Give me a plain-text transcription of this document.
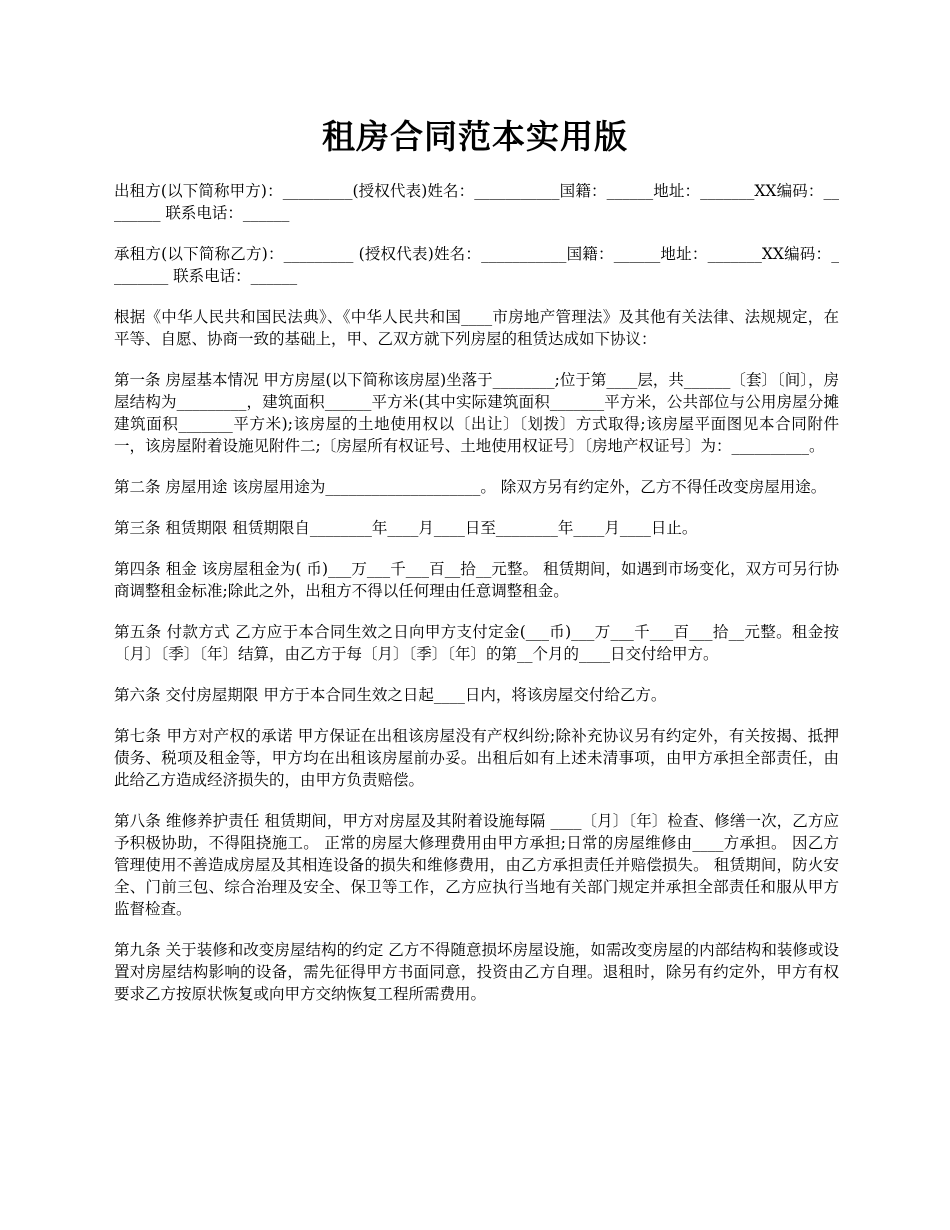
租房合同范本实用版

出租方(以下简称甲方)：_________(授权代表)姓名：___________国籍：______地址：_______XX编码：________ 联系电话：______

承租方(以下简称乙方)：_________ (授权代表)姓名：___________国籍：______地址：_______XX编码：________ 联系电话：______

根据《中华人民共和国民法典》、《中华人民共和国____市房地产管理法》及其他有关法律、法规规定，在平等、自愿、协商一致的基础上，甲、乙双方就下列房屋的租赁达成如下协议：

第一条 房屋基本情况 甲方房屋(以下简称该房屋)坐落于________;位于第____层，共______〔套〕〔间〕，房屋结构为_________，建筑面积______平方米(其中实际建筑面积_______平方米，公共部位与公用房屋分摊建筑面积_______平方米);该房屋的土地使用权以〔出让〕〔划拨〕方式取得;该房屋平面图见本合同附件一，该房屋附着设施见附件二;〔房屋所有权证号、土地使用权证号〕〔房地产权证号〕为：__________。

第二条 房屋用途 该房屋用途为____________________。 除双方另有约定外，乙方不得任改变房屋用途。

第三条 租赁期限 租赁期限自________年____月____日至________年____月____日止。

第四条 租金 该房屋租金为( 币)___万___千___百__拾__元整。 租赁期间，如遇到市场变化，双方可另行协商调整租金标准;除此之外，出租方不得以任何理由任意调整租金。

第五条 付款方式 乙方应于本合同生效之日向甲方支付定金(___币)___万___千___百___拾__元整。租金按〔月〕〔季〕〔年〕结算，由乙方于每〔月〕〔季〕〔年〕的第__个月的____日交付给甲方。

第六条 交付房屋期限 甲方于本合同生效之日起____日内，将该房屋交付给乙方。

第七条 甲方对产权的承诺 甲方保证在出租该房屋没有产权纠纷;除补充协议另有约定外，有关按揭、抵押债务、税项及租金等，甲方均在出租该房屋前办妥。出租后如有上述未清事项，由甲方承担全部责任，由此给乙方造成经济损失的，由甲方负责赔偿。

第八条 维修养护责任 租赁期间，甲方对房屋及其附着设施每隔 ____〔月〕〔年〕检查、修缮一次，乙方应予积极协助，不得阻挠施工。 正常的房屋大修理费用由甲方承担;日常的房屋维修由____方承担。 因乙方管理使用不善造成房屋及其相连设备的损失和维修费用，由乙方承担责任并赔偿损失。 租赁期间，防火安全、门前三包、综合治理及安全、保卫等工作，乙方应执行当地有关部门规定并承担全部责任和服从甲方监督检查。

第九条 关于装修和改变房屋结构的约定 乙方不得随意损坏房屋设施，如需改变房屋的内部结构和装修或设置对房屋结构影响的设备，需先征得甲方书面同意，投资由乙方自理。退租时，除另有约定外，甲方有权要求乙方按原状恢复或向甲方交纳恢复工程所需费用。
